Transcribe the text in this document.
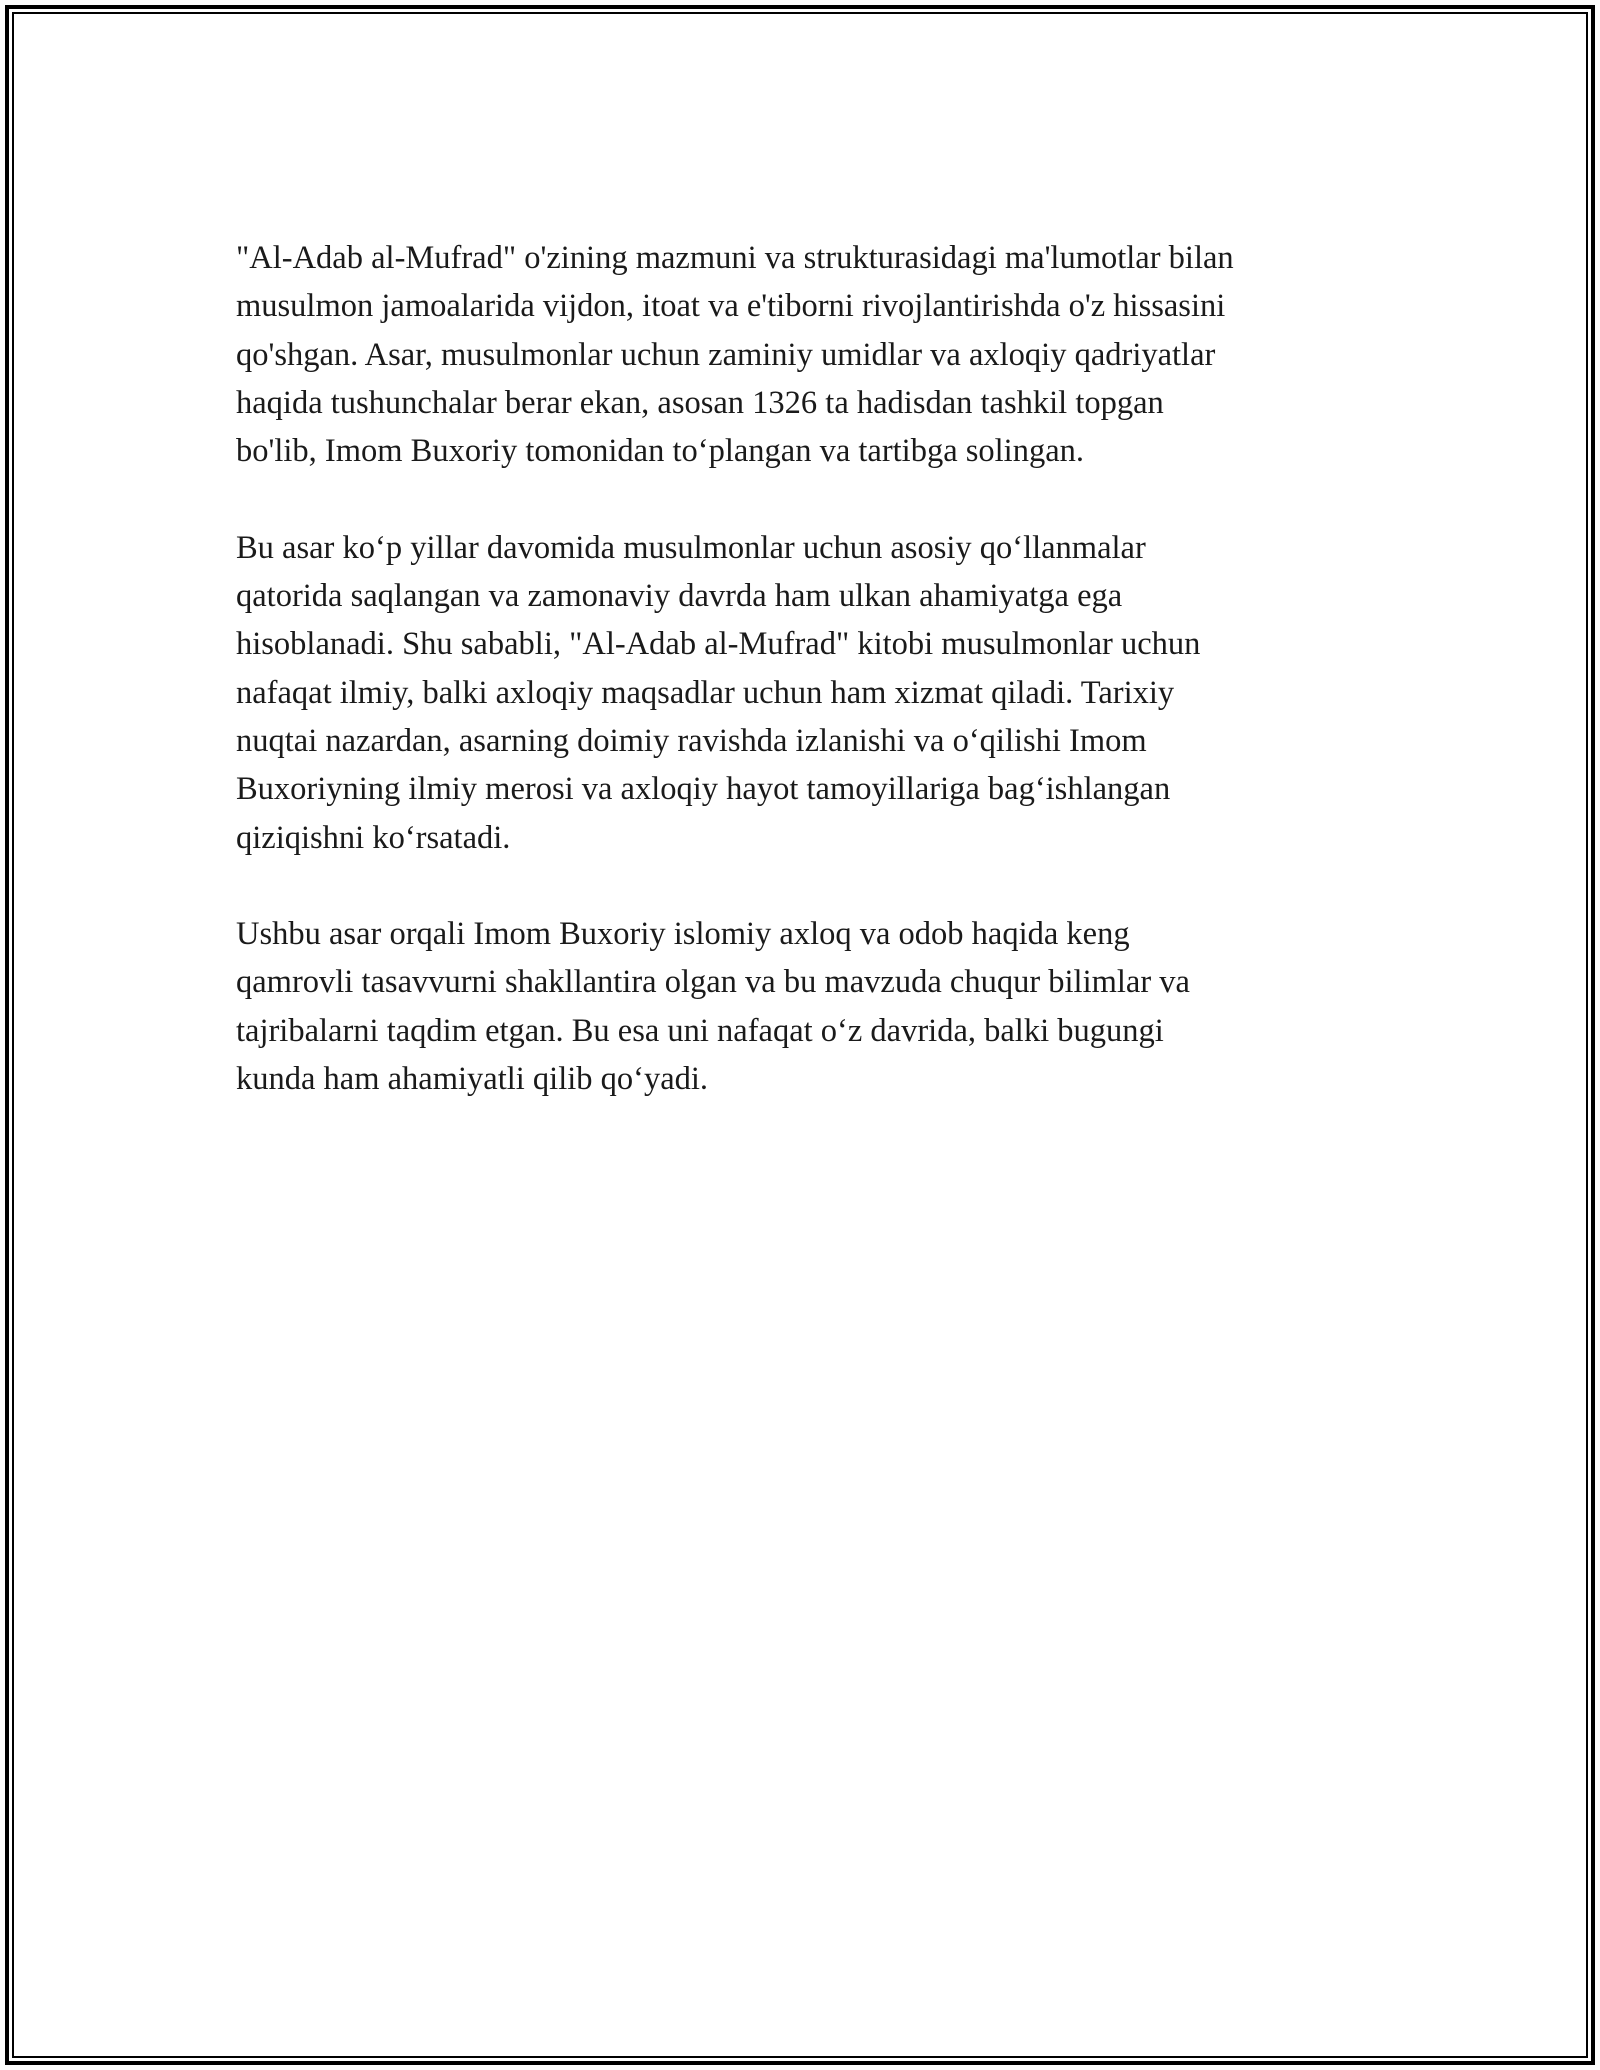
"Al-Adab al-Mufrad" o'zining mazmuni va strukturasidagi ma'lumotlar bilan
musulmon jamoalarida vijdon, itoat va e'tiborni rivojlantirishda o'z hissasini
qo'shgan. Asar, musulmonlar uchun zaminiy umidlar va axloqiy qadriyatlar
haqida tushunchalar berar ekan, asosan 1326 ta hadisdan tashkil topgan
bo'lib, Imom Buxoriy tomonidan to‘plangan va tartibga solingan.

Bu asar ko‘p yillar davomida musulmonlar uchun asosiy qo‘llanmalar
qatorida saqlangan va zamonaviy davrda ham ulkan ahamiyatga ega
hisoblanadi. Shu sababli, "Al-Adab al-Mufrad" kitobi musulmonlar uchun
nafaqat ilmiy, balki axloqiy maqsadlar uchun ham xizmat qiladi. Tarixiy
nuqtai nazardan, asarning doimiy ravishda izlanishi va o‘qilishi Imom
Buxoriyning ilmiy merosi va axloqiy hayot tamoyillariga bag‘ishlangan
qiziqishni ko‘rsatadi.

Ushbu asar orqali Imom Buxoriy islomiy axloq va odob haqida keng
qamrovli tasavvurni shakllantira olgan va bu mavzuda chuqur bilimlar va
tajribalarni taqdim etgan. Bu esa uni nafaqat o‘z davrida, balki bugungi
kunda ham ahamiyatli qilib qo‘yadi.
